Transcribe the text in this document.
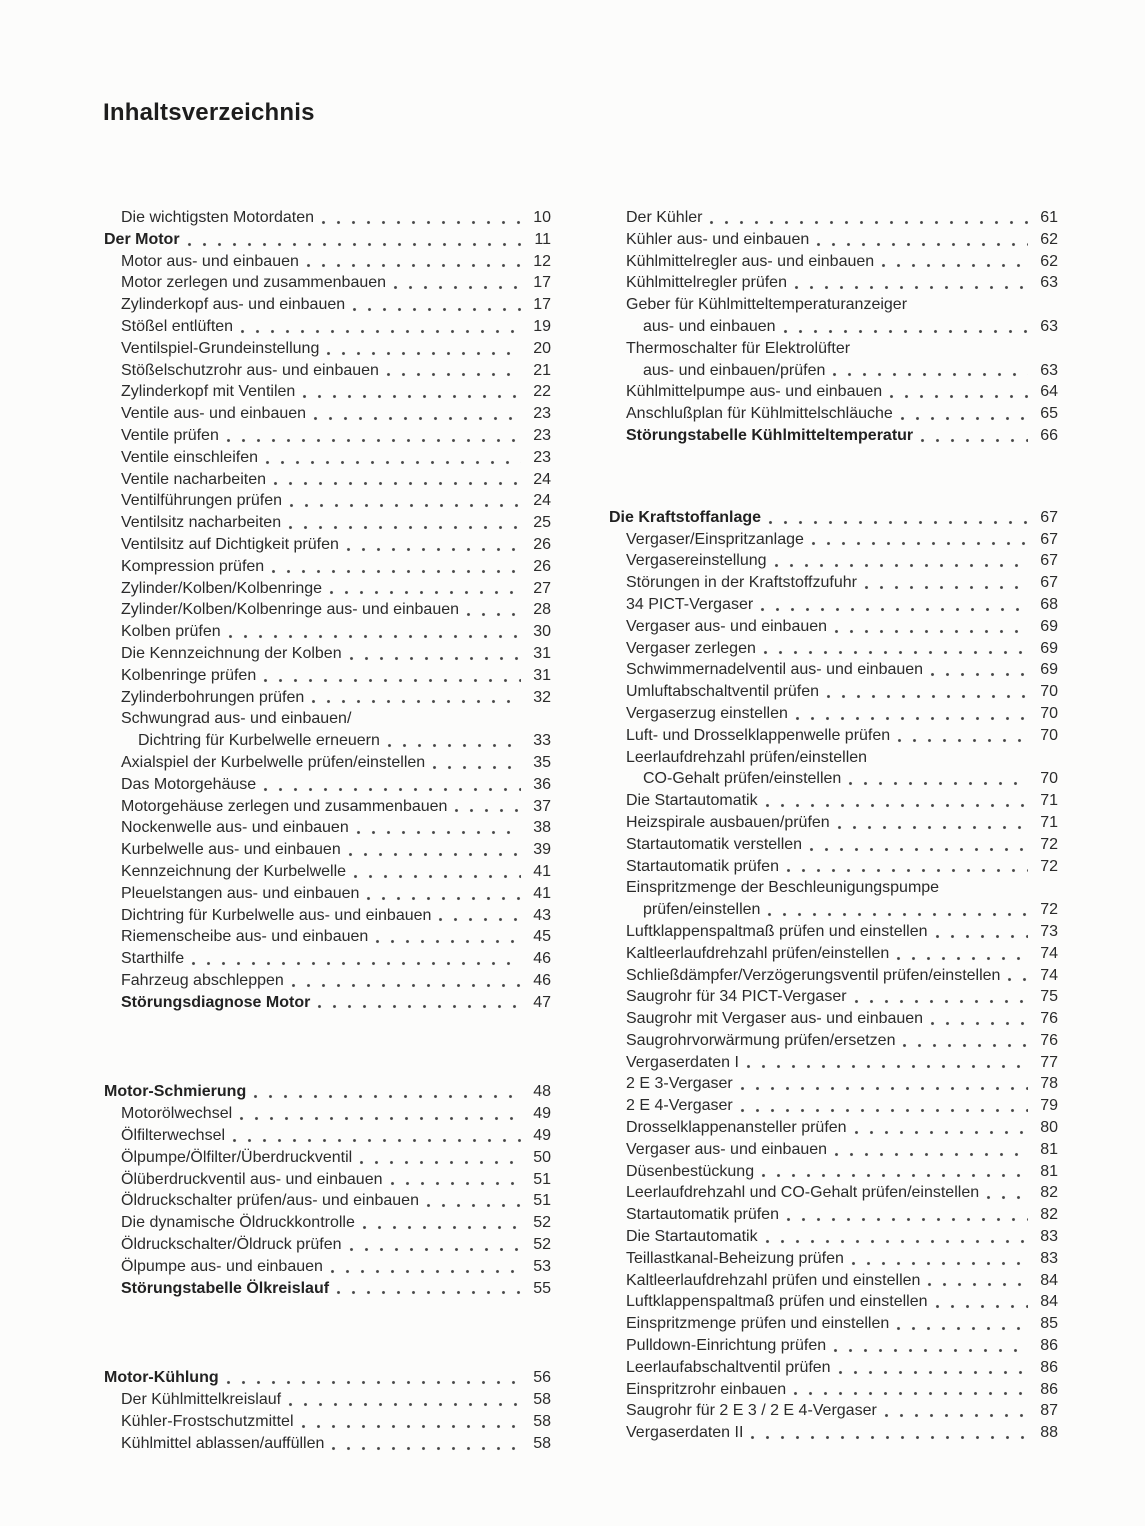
Inhaltsverzeichnis
Die wichtigsten Motordaten	10
Der Motor	11
Motor aus- und einbauen	12
Motor zerlegen und zusammenbauen	17
Zylinderkopf aus- und einbauen	17
Stößel entlüften	19
Ventilspiel-Grundeinstellung	20
Stößelschutzrohr aus- und einbauen	21
Zylinderkopf mit Ventilen	22
Ventile aus- und einbauen	23
Ventile prüfen	23
Ventile einschleifen	23
Ventile nacharbeiten	24
Ventilführungen prüfen	24
Ventilsitz nacharbeiten	25
Ventilsitz auf Dichtigkeit prüfen	26
Kompression prüfen	26
Zylinder/Kolben/Kolbenringe	27
Zylinder/Kolben/Kolbenringe aus- und einbauen	28
Kolben prüfen	30
Die Kennzeichnung der Kolben	31
Kolbenringe prüfen	31
Zylinderbohrungen prüfen	32
Schwungrad aus- und einbauen/
Dichtring für Kurbelwelle erneuern	33
Axialspiel der Kurbelwelle prüfen/einstellen	35
Das Motorgehäuse	36
Motorgehäuse zerlegen und zusammenbauen	37
Nockenwelle aus- und einbauen	38
Kurbelwelle aus- und einbauen	39
Kennzeichnung der Kurbelwelle	41
Pleuelstangen aus- und einbauen	41
Dichtring für Kurbelwelle aus- und einbauen	43
Riemenscheibe aus- und einbauen	45
Starthilfe	46
Fahrzeug abschleppen	46
Störungsdiagnose Motor	47
Motor-Schmierung	48
Motorölwechsel	49
Ölfilterwechsel	49
Ölpumpe/Ölfilter/Überdruckventil	50
Ölüberdruckventil aus- und einbauen	51
Öldruckschalter prüfen/aus- und einbauen	51
Die dynamische Öldruckkontrolle	52
Öldruckschalter/Öldruck prüfen	52
Ölpumpe aus- und einbauen	53
Störungstabelle Ölkreislauf	55
Motor-Kühlung	56
Der Kühlmittelkreislauf	58
Kühler-Frostschutzmittel	58
Kühlmittel ablassen/auffüllen	58
Der Kühler	61
Kühler aus- und einbauen	62
Kühlmittelregler aus- und einbauen	62
Kühlmittelregler prüfen	63
Geber für Kühlmitteltemperaturanzeiger
aus- und einbauen	63
Thermoschalter für Elektrolüfter
aus- und einbauen/prüfen	63
Kühlmittelpumpe aus- und einbauen	64
Anschlußplan für Kühlmittelschläuche	65
Störungstabelle Kühlmitteltemperatur	66
Die Kraftstoffanlage	67
Vergaser/Einspritzanlage	67
Vergasereinstellung	67
Störungen in der Kraftstoffzufuhr	67
34 PICT-Vergaser	68
Vergaser aus- und einbauen	69
Vergaser zerlegen	69
Schwimmernadelventil aus- und einbauen	69
Umluftabschaltventil prüfen	70
Vergaserzug einstellen	70
Luft- und Drosselklappenwelle prüfen	70
Leerlaufdrehzahl prüfen/einstellen
CO-Gehalt prüfen/einstellen	70
Die Startautomatik	71
Heizspirale ausbauen/prüfen	71
Startautomatik verstellen	72
Startautomatik prüfen	72
Einspritzmenge der Beschleunigungspumpe
prüfen/einstellen	72
Luftklappenspaltmaß prüfen und einstellen	73
Kaltleerlaufdrehzahl prüfen/einstellen	74
Schließdämpfer/Verzögerungsventil prüfen/einstellen	74
Saugrohr für 34 PICT-Vergaser	75
Saugrohr mit Vergaser aus- und einbauen	76
Saugrohrvorwärmung prüfen/ersetzen	76
Vergaserdaten I	77
2 E 3-Vergaser	78
2 E 4-Vergaser	79
Drosselklappenansteller prüfen	80
Vergaser aus- und einbauen	81
Düsenbestückung	81
Leerlaufdrehzahl und CO-Gehalt prüfen/einstellen	82
Startautomatik prüfen	82
Die Startautomatik	83
Teillastkanal-Beheizung prüfen	83
Kaltleerlaufdrehzahl prüfen und einstellen	84
Luftklappenspaltmaß prüfen und einstellen	84
Einspritzmenge prüfen und einstellen	85
Pulldown-Einrichtung prüfen	86
Leerlaufabschaltventil prüfen	86
Einspritzrohr einbauen	86
Saugrohr für 2 E 3 / 2 E 4-Vergaser	87
Vergaserdaten II	88
